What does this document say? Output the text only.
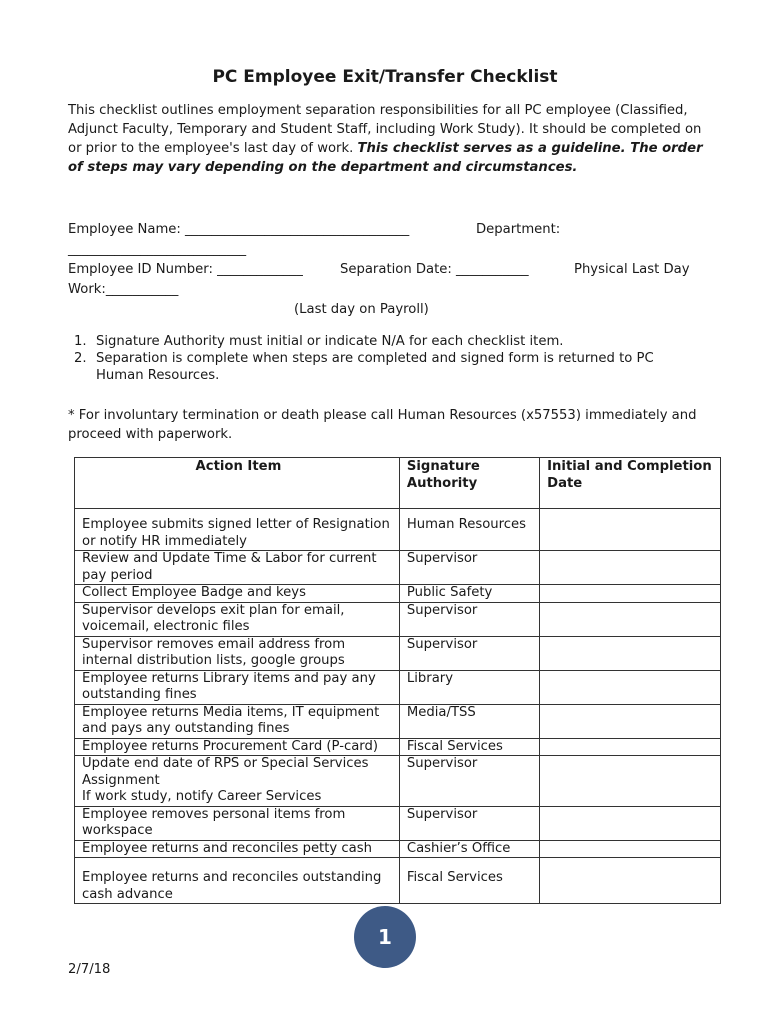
PC Employee Exit/Transfer Checklist
This checklist outlines employment separation responsibilities for all PC employee (Classified, Adjunct Faculty, Temporary and Student Staff, including Work Study). It should be completed on or prior to the employee's last day of work. This checklist serves as a guideline. The order of steps may vary depending on the department and circumstances.
Employee Name: __________________________________	Department:
___________________________
Employee ID Number: _____________	Separation Date: ___________	Physical Last Day
Work:___________
(Last day on Payroll)
1. Signature Authority must initial or indicate N/A for each checklist item.
2. Separation is complete when steps are completed and signed form is returned to PC Human Resources.
* For involuntary termination or death please call Human Resources (x57553) immediately and proceed with paperwork.
Action Item	Signature Authority	Initial and Completion Date
Employee submits signed letter of Resignation or notify HR immediately	Human Resources	
Review and Update Time & Labor for current pay period	Supervisor	
Collect Employee Badge and keys	Public Safety	
Supervisor develops exit plan for email, voicemail, electronic files	Supervisor	
Supervisor removes email address from internal distribution lists, google groups	Supervisor	
Employee returns Library items and pay any outstanding fines	Library	
Employee returns Media items, IT equipment and pays any outstanding fines	Media/TSS	
Employee returns Procurement Card (P-card)	Fiscal Services	
Update end date of RPS or Special Services Assignment
If work study, notify Career Services	Supervisor	
Employee removes personal items from workspace	Supervisor	
Employee returns and reconciles petty cash	Cashier’s Office	
Employee returns and reconciles outstanding cash advance	Fiscal Services	
1
2/7/18
